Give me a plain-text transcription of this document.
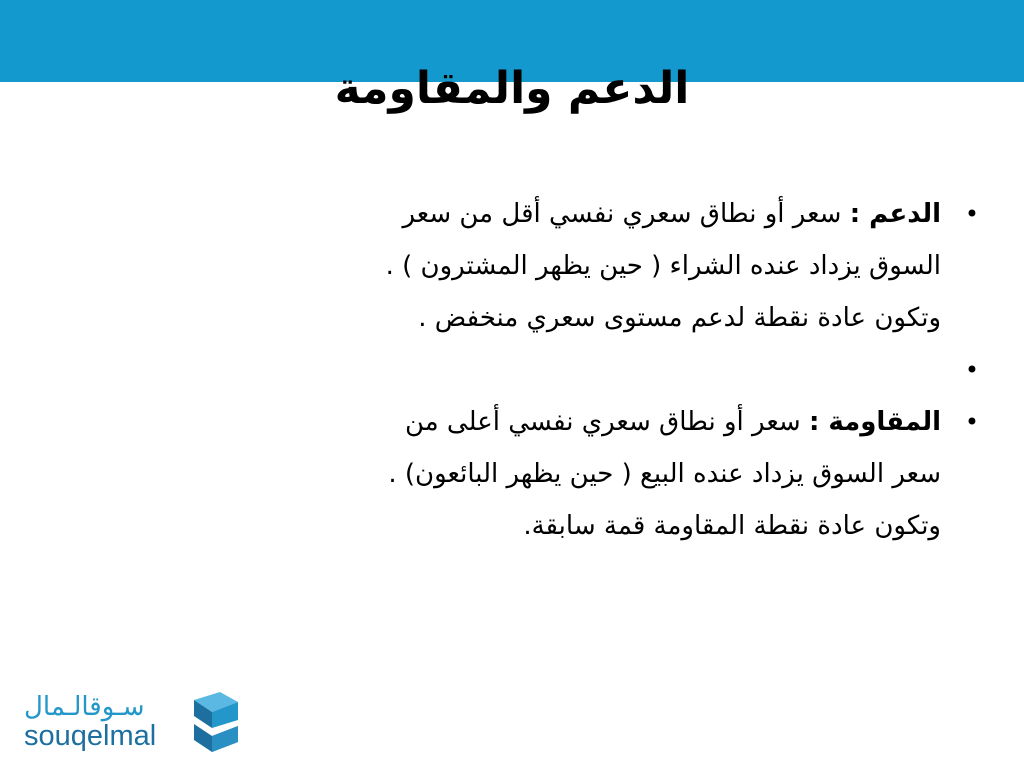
الدعم والمقاومة
•
الدعم : سعر أو نطاق سعري نفسي أقل من سعر السوق يزداد عنده الشراء ( حين يظهر المشترون ) . وتكون عادة نقطة لدعم مستوى سعري منخفض .
•
•
المقاومة : سعر أو نطاق سعري نفسي أعلى من سعر السوق يزداد عنده البيع ( حين يظهر البائعون) . وتكون عادة نقطة المقاومة قمة سابقة.
سـوقالـمال
souqelmal
